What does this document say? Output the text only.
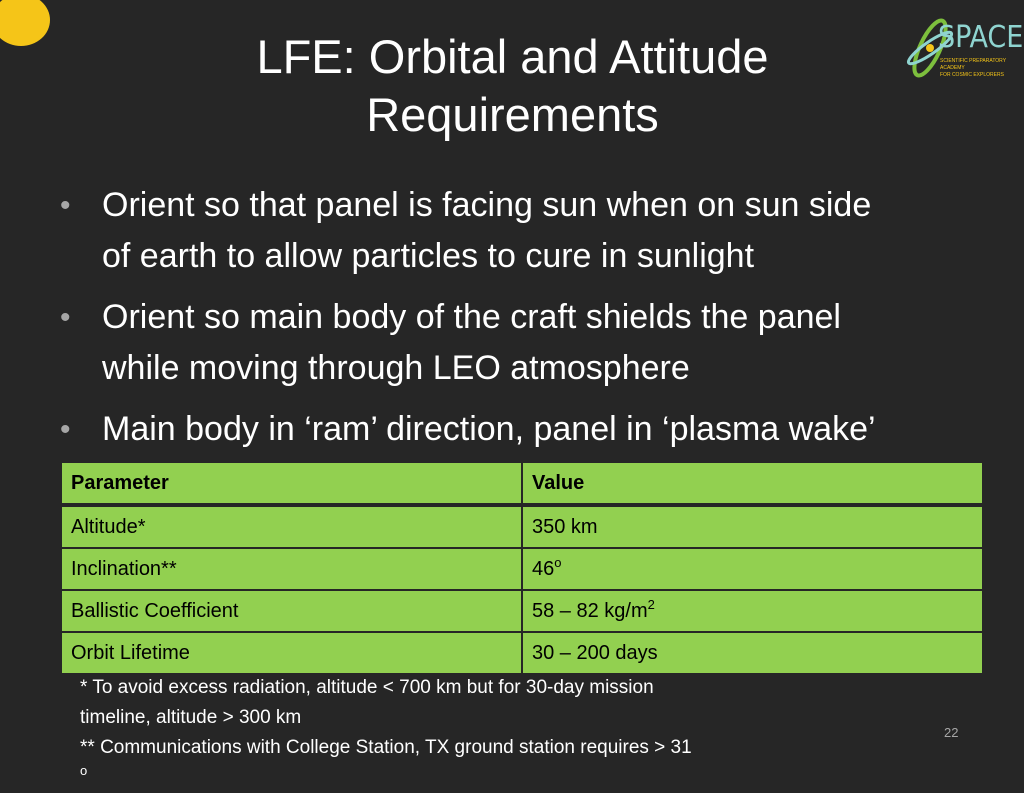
SPACE
SCIENTIFIC PREPARATORY ACADEMY
FOR COSMIC EXPLORERS
LFE: Orbital and Attitude
Requirements
• Orient so that panel is facing sun when on sun side
of earth to allow particles to cure in sunlight
• Orient so main body of the craft shields the panel
while moving through LEO atmosphere
• Main body in ‘ram’ direction, panel in ‘plasma wake’
Parameter	Value
Altitude*	350 km
Inclination**	46$^o$
Ballistic Coefficient	58 – 82 $kg/m^2$
Orbit Lifetime	30 – 200 days
* To avoid excess radiation, altitude < 700 km but for 30-day mission
timeline, altitude > 300 km
** Communications with College Station, TX ground station requires > 31
$^o$
22
